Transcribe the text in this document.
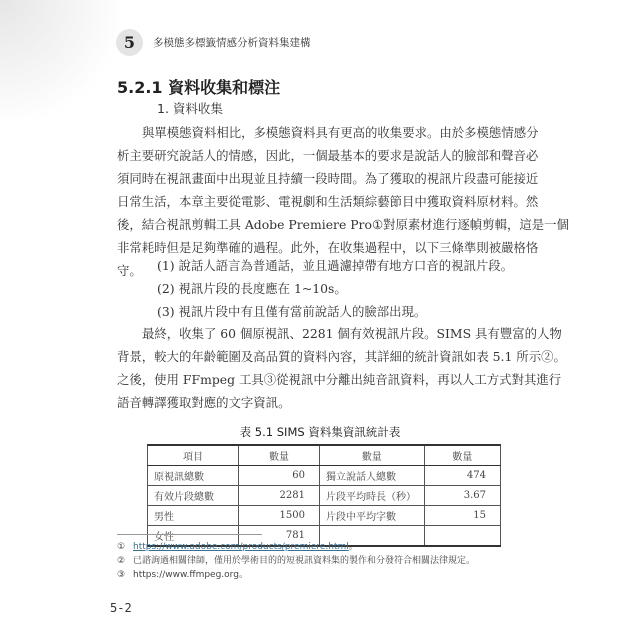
5	多模態多標籤情感分析資料集建構
5.2.1 資料收集和標注
1. 資料收集
與單模態資料相比，多模態資料具有更高的收集要求。由於多模態情感分
析主要研究說話人的情感，因此，一個最基本的要求是說話人的臉部和聲音必
須同時在視訊畫面中出現並且持續一段時間。為了獲取的視訊片段盡可能接近
日常生活，本章主要從電影、電視劇和生活類綜藝節目中獲取資料原材料。然
後，結合視訊剪輯工具 Adobe Premiere Pro①對原素材進行逐幀剪輯，這是一個
非常耗時但是足夠準確的過程。此外，在收集過程中，以下三條準則被嚴格恪
守。	(1) 說話人語言為普通話，並且過濾掉帶有地方口音的視訊片段。
(2) 視訊片段的長度應在 1~10s。
(3) 視訊片段中有且僅有當前說話人的臉部出現。
最終，收集了 60 個原視訊、2281 個有效視訊片段。SIMS 具有豐富的人物
背景，較大的年齡範圍及高品質的資料內容，其詳細的統計資訊如表 5.1 所示②。
之後，使用 FFmpeg 工具③從視訊中分離出純音訊資料，再以人工方式對其進行
語音轉譯獲取對應的文字資訊。
表 5.1 SIMS 資料集資訊統計表
項目	數量	數量	數量
原視訊總數	60	獨立說話人總數	474
有效片段總數	2281	片段平均時長（秒）	3.67
男性	1500	片段中平均字數	15
女性	781		
① https://www.adobe.com/products/premiere.html。
② 已諮詢過相關律師，僅用於學術目的的短視訊資料集的製作和分發符合相關法律規定。
③ https://www.ffmpeg.org。
5-2
